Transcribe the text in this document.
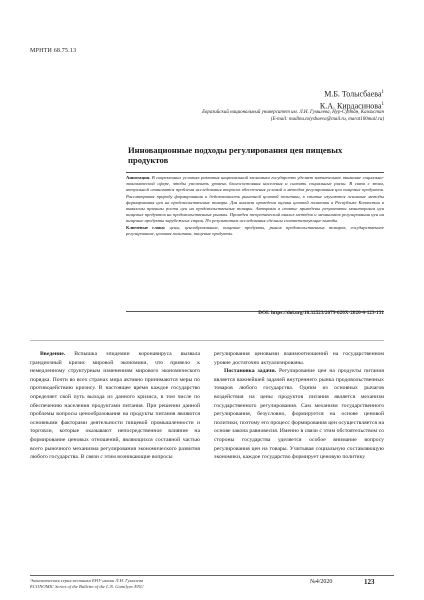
МРНТИ 68.75.13
М.Б. Толысбаева$^1$
К.А. Кирдасинова$^1$
Евразийский национальный университет им. Л.Н. Гумилева, Нур-Султан, Казахстан
(E-mail: madina.tolysbaeva@mail.ru, marat100mail.ru)
Инновационные подходы регулирования цен пищевых продуктов

Аннотация. В современных условиях развития национальной экономики государство уделяет значительное внимание социально-экономической сфере, чтобы увеличить уровень благосостояния населения и снизить социальные риски. В связи с этим, актуальной становится проблема исследования вопросов обеспечения условий и методов регулирования цен пищевых продуктов. Рассматривая природу формирования и действенность рыночной ценовой политики, в статье изучаются основные методы формирования цен на продовольственные товары. Для анализа проведена оценка ценовой политики в Республике Казахстан и выявлены причины роста цен на продовольственные товары. Авторами в статье приведены результаты мониторинга цен пищевых продуктов на продовольственных рынках. Проведен теоретический анализ методов и механизмов регулирования цен на пищевые продукты зарубежных стран. По результатам исследования сделаны соответствующие выводы.

Ключевые слова: цены, ценообразование, пищевые продукты, рынок продовольственных товаров, государственное регулирование, ценовая политика, пищевые продукты.

DOI: https://doi.org/10.32523/2079-620X-2020-4-123-131

Введение. Вспышка эпидемии коронавируса вызвала грандиозный кризис мировой экономики, что привело к немедленному структурным изменениям мирового экономического порядка. Почти во всех странах мира активно принимаются меры по противодействию кризису. В настоящее время каждое государство определяет свой путь выхода из данного кризиса, в том числе по обеспечению населения продуктами питания. При решении данной проблемы вопросы ценообразования на продукты питания являются основными факторами деятельности пищевой промышленности и торговли, которые оказывают непосредственное влияние на формирование ценовых отношений, являющихся составной частью всего рыночного механизма регулирования экономического развития любого государства. В связи с этим возникающие вопросы

регулирования ценовыми взаимоотношений на государственном уровне достаточно актуализированы.

Постановка задачи. Регулирование цен на продукты питания является важнейшей задачей внутреннего рынка продовольственных товаров любого государства. Одним из основных рычагов воздействия на цены продуктов питания является механизм государственного регулирования. Сам механизм государственного регулирования, безусловно, формируется на основе ценовой политики, поэтому его процесс формирования цен осуществляется на основе закона равновесия. Именно в связи с этим обстоятельством со стороны государства уделяется особое внимание вопросу регулирования цен на товары. Учитывая социальную составляющую экономики, каждое государство формирует ценовую политику

Экономическая серия вестника ЕНУ имени Л.Н. Гумилева
ECONOMIC Series of the Bulletin of the L.N. Gumilyov ENU
№4/2020	123
